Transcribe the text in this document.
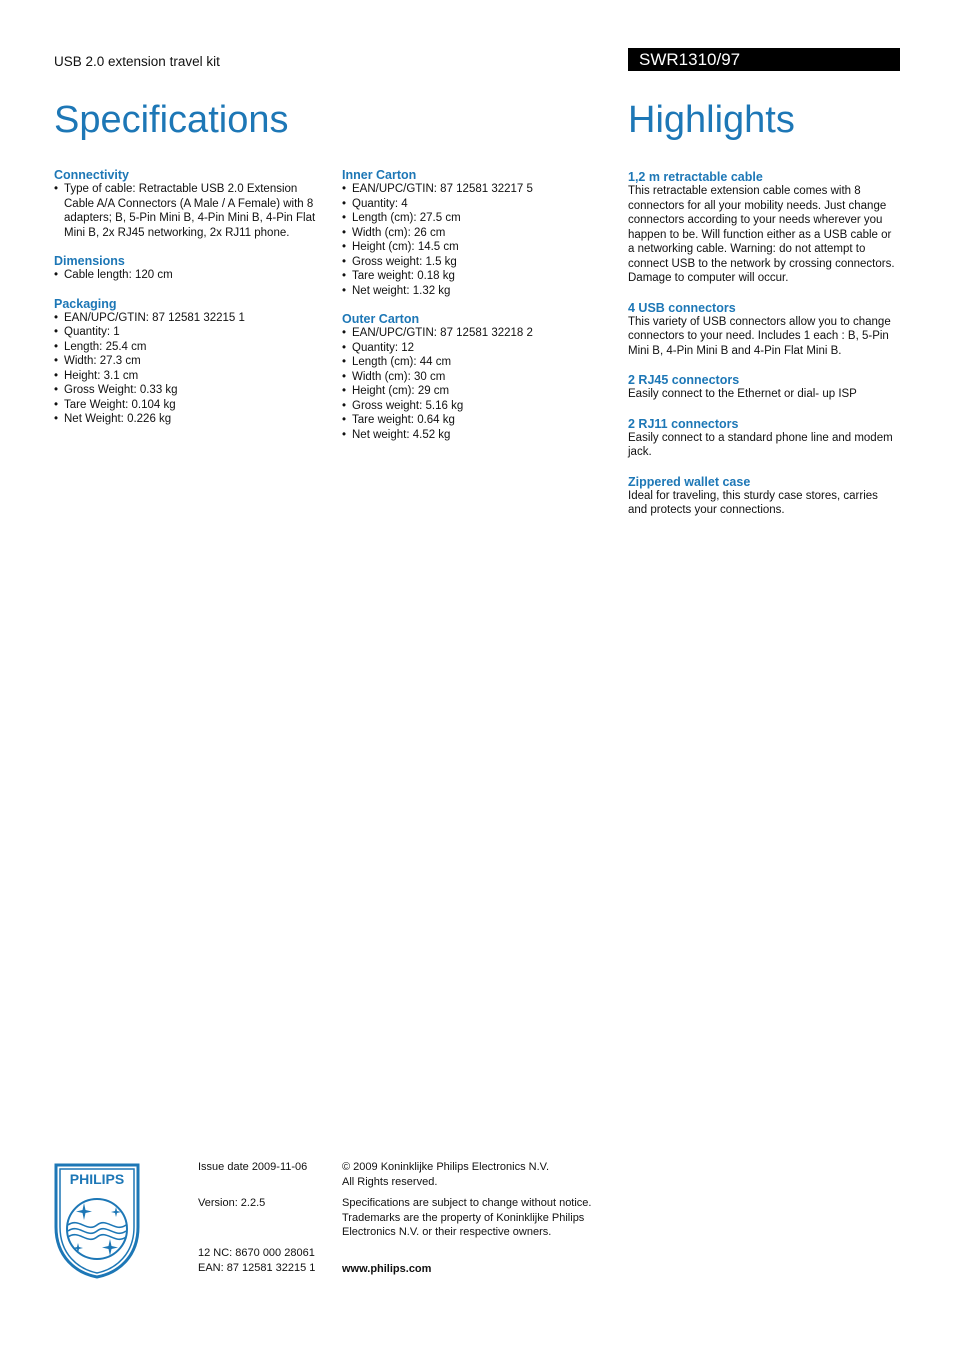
USB 2.0 extension travel kit	SWR1310/97
Specifications	Highlights
Connectivity
• Type of cable: Retractable USB 2.0 Extension Cable A/A Connectors (A Male / A Female) with 8 adapters; B, 5-Pin Mini B, 4-Pin Mini B, 4-Pin Flat Mini B, 2x RJ45 networking, 2x RJ11 phone.
Dimensions
• Cable length: 120 cm
Packaging
• EAN/UPC/GTIN: 87 12581 32215 1
• Quantity: 1
• Length: 25.4 cm
• Width: 27.3 cm
• Height: 3.1 cm
• Gross Weight: 0.33 kg
• Tare Weight: 0.104 kg
• Net Weight: 0.226 kg
Inner Carton
• EAN/UPC/GTIN: 87 12581 32217 5
• Quantity: 4
• Length (cm): 27.5 cm
• Width (cm): 26 cm
• Height (cm): 14.5 cm
• Gross weight: 1.5 kg
• Tare weight: 0.18 kg
• Net weight: 1.32 kg
Outer Carton
• EAN/UPC/GTIN: 87 12581 32218 2
• Quantity: 12
• Length (cm): 44 cm
• Width (cm): 30 cm
• Height (cm): 29 cm
• Gross weight: 5.16 kg
• Tare weight: 0.64 kg
• Net weight: 4.52 kg
1,2 m retractable cable

This retractable extension cable comes with 8 connectors for all your mobility needs. Just change connectors according to your needs wherever you happen to be. Will function either as a USB cable or a networking cable. Warning: do not attempt to connect USB to the network by crossing connectors. Damage to computer will occur.

4 USB connectors

This variety of USB connectors allow you to change connectors to your need. Includes 1 each : B, 5-Pin Mini B, 4-Pin Mini B and 4-Pin Flat Mini B.

2 RJ45 connectors

Easily connect to the Ethernet or dial- up ISP

2 RJ11 connectors

Easily connect to a standard phone line and modem jack.

Zippered wallet case

Ideal for traveling, this sturdy case stores, carries and protects your connections.

PHILIPS
Issue date 2009-11-06
Version: 2.2.5
12 NC: 8670 000 28061
EAN: 87 12581 32215 1
© 2009 Koninklijke Philips Electronics N.V.
All Rights reserved.
Specifications are subject to change without notice.
Trademarks are the property of Koninklijke Philips
Electronics N.V. or their respective owners.
www.philips.com
